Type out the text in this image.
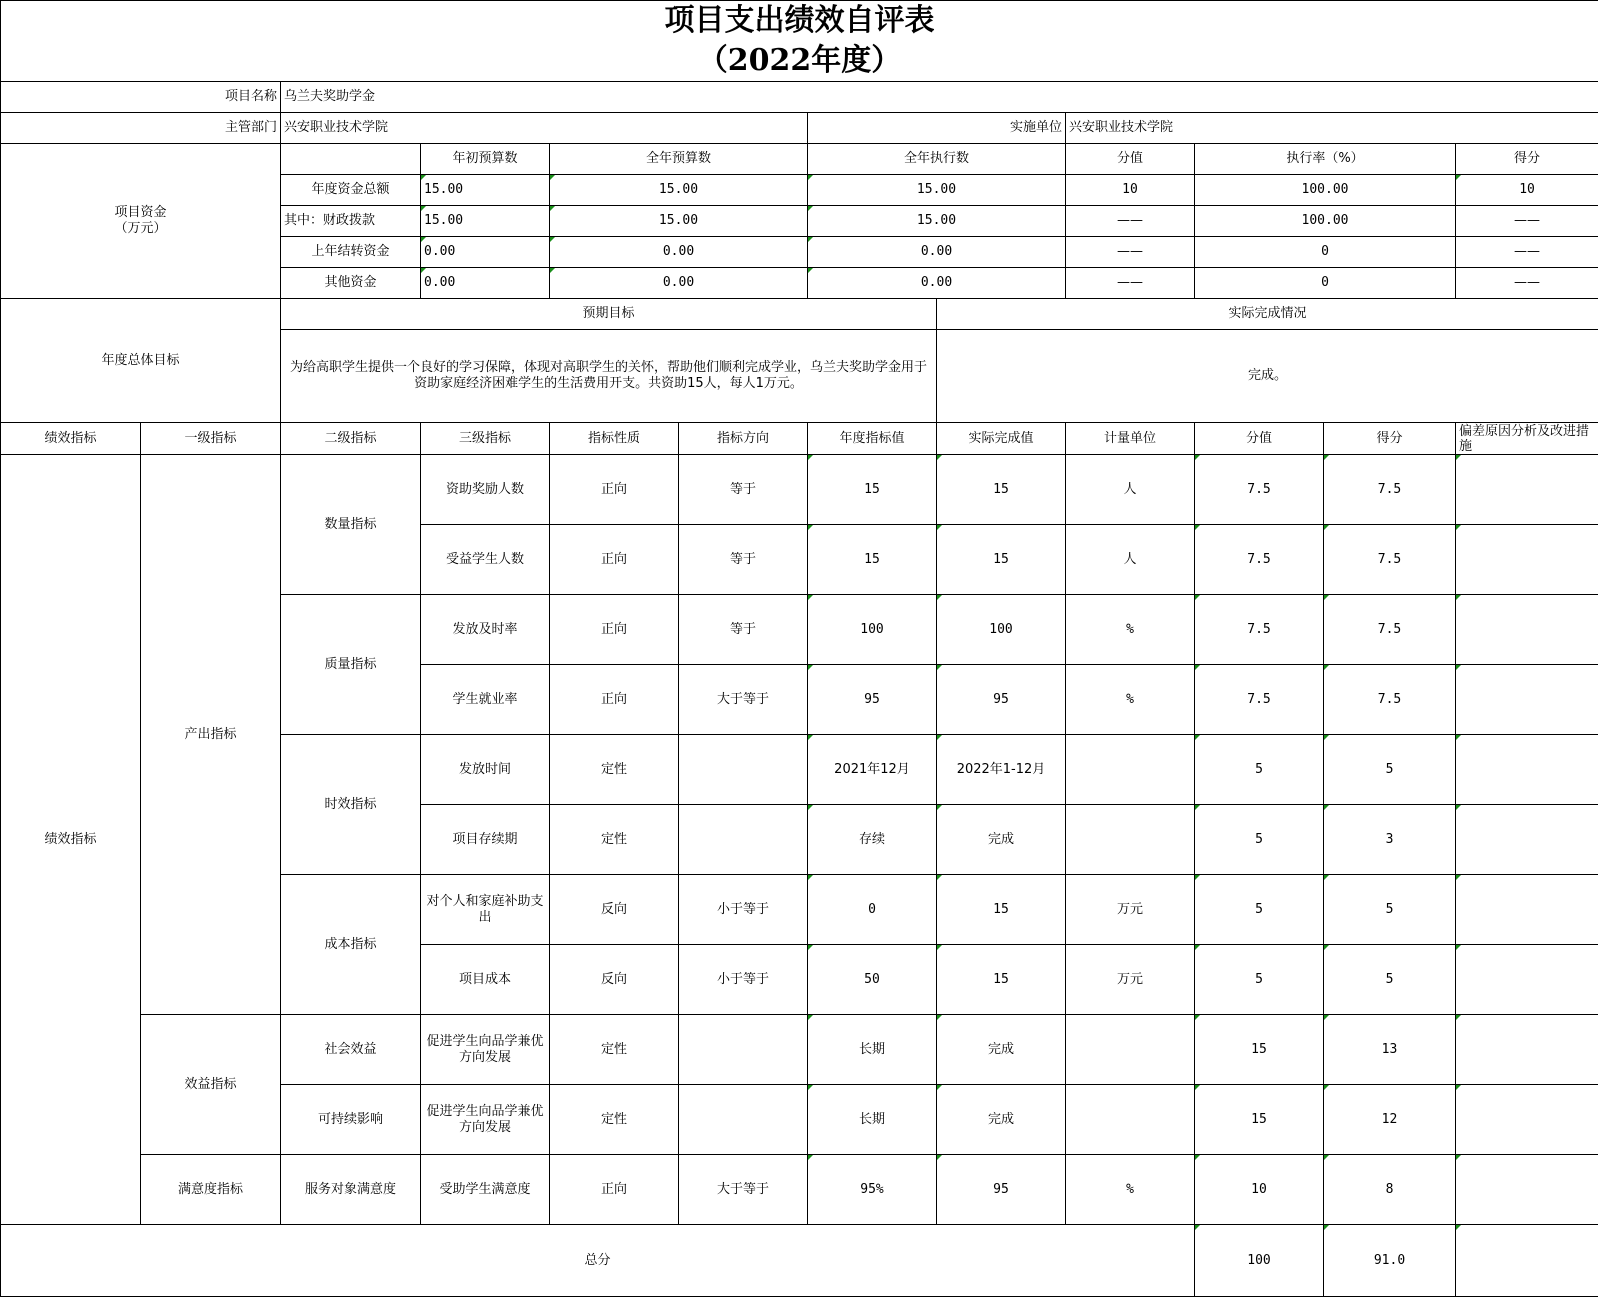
项目支出绩效自评表
（2022年度）											

项目名称		乌兰夫奖助学金									
主管部门		兴安职业技术学院				实施单位		兴安职业技术学院			

项目资金
（万元）			年初预算数	全年预算数		全年执行数		分值	执行率（%）		得分
		年度资金总额	15.00	15.00		15.00		10	100.00		10
		其中：财政拨款	15.00	15.00		15.00		——	100.00		——
		上年结转资金	0.00	0.00		0.00		——	0		——
		其他资金	0.00	0.00		0.00		——	0		——
年度总体目标		预期目标					实际完成情况				
		为给高职学生提供一个良好的学习保障，体现对高职学生的关怀，帮助他们顺利完成学业，乌兰夫奖助学金用于资助家庭经济困难学生的生活费用开支。共资助15人，每人1万元。					完成。				
绩效指标	一级指标	二级指标	三级指标	指标性质	指标方向	年度指标值	实际完成值	计量单位	分值	得分	偏差原因分析及改进措施
绩效指标	产出指标	数量指标	资助奖励人数	正向	等于	15	15	人	7.5	7.5	
			受益学生人数	正向	等于	15	15	人	7.5	7.5	
		质量指标	发放及时率	正向	等于	100	100	%	7.5	7.5	
			学生就业率	正向	大于等于	95	95	%	7.5	7.5	
		时效指标	发放时间	定性		2021年12月	2022年1-12月		5	5	
			项目存续期	定性		存续	完成		5	3	
		成本指标	对个人和家庭补助支出	反向	小于等于	0	15	万元	5	5	
			项目成本	反向	小于等于	50	15	万元	5	5	
	效益指标	社会效益	促进学生向品学兼优方向发展	定性		长期	完成		15	13	
		可持续影响	促进学生向品学兼优方向发展	定性		长期	完成		15	12	
	满意度指标	服务对象满意度	受助学生满意度	正向	大于等于	95%	95	%	10	8	
总分									100	91.0	
